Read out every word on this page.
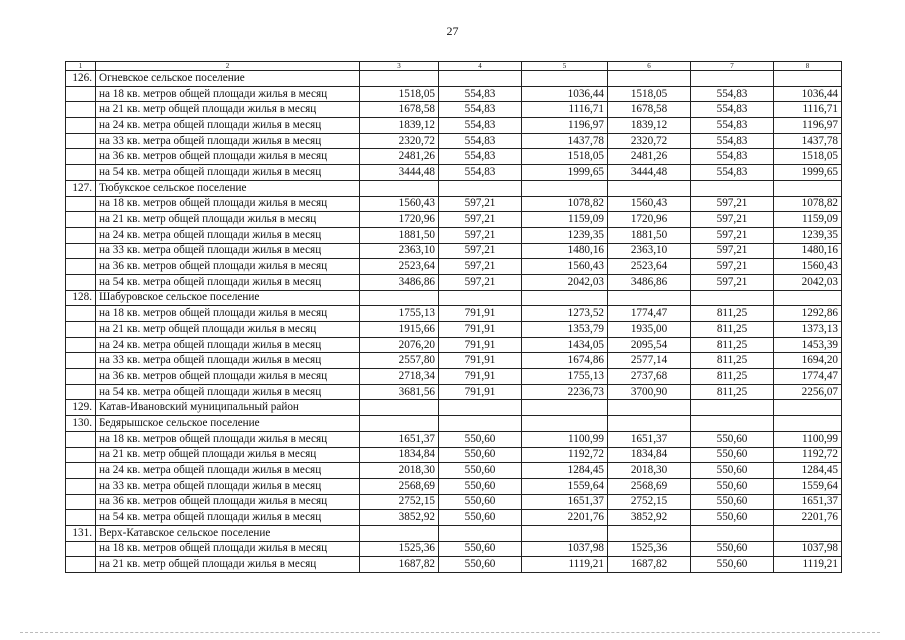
27
1	2	3	4	5	6	7	8
126.	Огневское сельское поселение						
	на 18 кв. метров общей площади жилья в месяц	1518,05	554,83	1036,44	1518,05	554,83	1036,44
	на 21 кв. метр общей площади жилья в месяц	1678,58	554,83	1116,71	1678,58	554,83	1116,71
	на 24 кв. метра общей площади жилья в месяц	1839,12	554,83	1196,97	1839,12	554,83	1196,97
	на 33 кв. метра общей площади жилья в месяц	2320,72	554,83	1437,78	2320,72	554,83	1437,78
	на 36 кв. метров общей площади жилья в месяц	2481,26	554,83	1518,05	2481,26	554,83	1518,05
	на 54 кв. метра общей площади жилья в месяц	3444,48	554,83	1999,65	3444,48	554,83	1999,65
127.	Тюбукское сельское поселение						
	на 18 кв. метров общей площади жилья в месяц	1560,43	597,21	1078,82	1560,43	597,21	1078,82
	на 21 кв. метр общей площади жилья в месяц	1720,96	597,21	1159,09	1720,96	597,21	1159,09
	на 24 кв. метра общей площади жилья в месяц	1881,50	597,21	1239,35	1881,50	597,21	1239,35
	на 33 кв. метра общей площади жилья в месяц	2363,10	597,21	1480,16	2363,10	597,21	1480,16
	на 36 кв. метров общей площади жилья в месяц	2523,64	597,21	1560,43	2523,64	597,21	1560,43
	на 54 кв. метра общей площади жилья в месяц	3486,86	597,21	2042,03	3486,86	597,21	2042,03
128.	Шабуровское сельское поселение						
	на 18 кв. метров общей площади жилья в месяц	1755,13	791,91	1273,52	1774,47	811,25	1292,86
	на 21 кв. метр общей площади жилья в месяц	1915,66	791,91	1353,79	1935,00	811,25	1373,13
	на 24 кв. метра общей площади жилья в месяц	2076,20	791,91	1434,05	2095,54	811,25	1453,39
	на 33 кв. метра общей площади жилья в месяц	2557,80	791,91	1674,86	2577,14	811,25	1694,20
	на 36 кв. метров общей площади жилья в месяц	2718,34	791,91	1755,13	2737,68	811,25	1774,47
	на 54 кв. метра общей площади жилья в месяц	3681,56	791,91	2236,73	3700,90	811,25	2256,07
129.	Катав-Ивановский муниципальный район						
130.	Бедярышское сельское поселение						
	на 18 кв. метров общей площади жилья в месяц	1651,37	550,60	1100,99	1651,37	550,60	1100,99
	на 21 кв. метр общей площади жилья в месяц	1834,84	550,60	1192,72	1834,84	550,60	1192,72
	на 24 кв. метра общей площади жилья в месяц	2018,30	550,60	1284,45	2018,30	550,60	1284,45
	на 33 кв. метра общей площади жилья в месяц	2568,69	550,60	1559,64	2568,69	550,60	1559,64
	на 36 кв. метров общей площади жилья в месяц	2752,15	550,60	1651,37	2752,15	550,60	1651,37
	на 54 кв. метра общей площади жилья в месяц	3852,92	550,60	2201,76	3852,92	550,60	2201,76
131.	Верх-Катавское сельское поселение						
	на 18 кв. метров общей площади жилья в месяц	1525,36	550,60	1037,98	1525,36	550,60	1037,98
	на 21 кв. метр общей площади жилья в месяц	1687,82	550,60	1119,21	1687,82	550,60	1119,21
